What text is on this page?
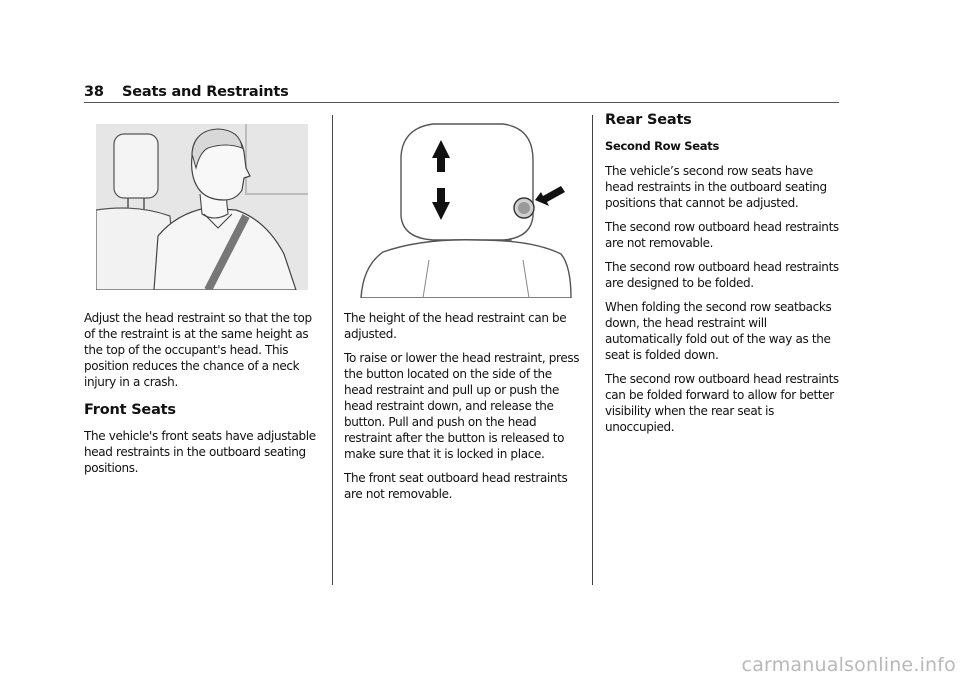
38	Seats and Restraints

Adjust the head restraint so that the top of the restraint is at the same height as the top of the occupant's head. This position reduces the chance of a neck injury in a crash.

Front Seats

The vehicle's front seats have adjustable head restraints in the outboard seating positions.

The height of the head restraint can be adjusted.

To raise or lower the head restraint, press the button located on the side of the head restraint and pull up or push the head restraint down, and release the button. Pull and push on the head restraint after the button is released to make sure that it is locked in place.

The front seat outboard head restraints are not removable.

Rear Seats
Second Row Seats

The vehicle’s second row seats have head restraints in the outboard seating positions that cannot be adjusted.

The second row outboard head restraints are not removable.

The second row outboard head restraints are designed to be folded.

When folding the second row seatbacks down, the head restraint will automatically fold out of the way as the seat is folded down.

The second row outboard head restraints can be folded forward to allow for better visibility when the rear seat is unoccupied.

carmanualsonline.info
